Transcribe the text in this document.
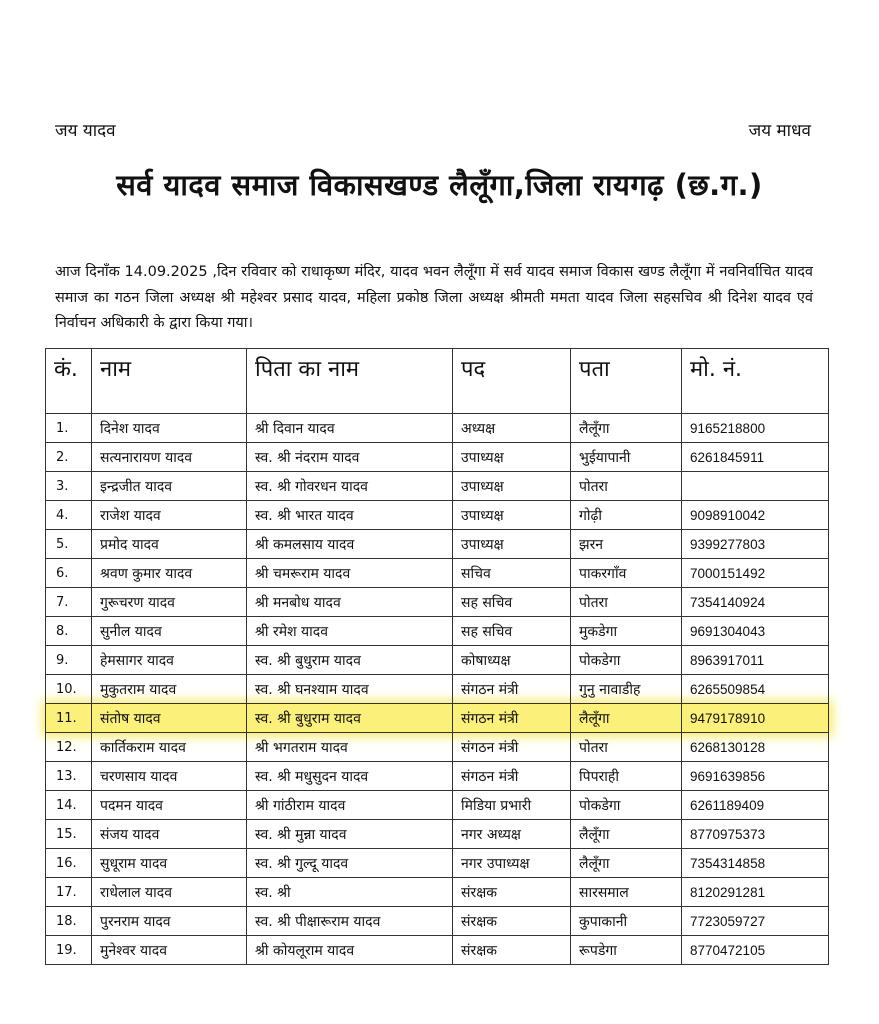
जय यादव	जय माधव
सर्व यादव समाज विकासखण्ड लैलूँगा,जिला रायगढ़ (छ.ग.)
आज दिनाँक 14.09.2025 ,दिन रविवार को राधाकृष्ण मंदिर, यादव भवन लैलूँगा में सर्व यादव समाज विकास खण्ड लैलूँगा में नवनिर्वाचित यादव समाज का गठन जिला अध्यक्ष श्री महेश्वर प्रसाद यादव, महिला प्रकोष्ठ जिला अध्यक्ष श्रीमती ममता यादव जिला सहसचिव श्री दिनेश यादव एवं निर्वाचन अधिकारी के द्वारा किया गया।
कं.	नाम	पिता का नाम	पद	पता	मो. नं.
1.	दिनेश यादव	श्री दिवान यादव	अध्यक्ष	लैलूँगा	9165218800
2.	सत्यनारायण यादव	स्व. श्री नंदराम यादव	उपाध्यक्ष	भुईयापानी	6261845911
3.	इन्द्रजीत यादव	स्व. श्री गोवरधन यादव	उपाध्यक्ष	पोतरा	
4.	राजेश यादव	स्व. श्री भारत यादव	उपाध्यक्ष	गोढ़ी	9098910042
5.	प्रमोद यादव	श्री कमलसाय यादव	उपाध्यक्ष	झरन	9399277803
6.	श्रवण कुमार यादव	श्री चमरूराम यादव	सचिव	पाकरगाँव	7000151492
7.	गुरूचरण यादव	श्री मनबोध यादव	सह सचिव	पोतरा	7354140924
8.	सुनील यादव	श्री रमेश यादव	सह सचिव	मुकडेगा	9691304043
9.	हेमसागर यादव	स्व. श्री बुधुराम यादव	कोषाध्यक्ष	पोकडेगा	8963917011
10.	मुकुतराम यादव	स्व. श्री घनश्याम यादव	संगठन मंत्री	गुनु नावाडीह	6265509854
11.	संतोष यादव	स्व. श्री बुधुराम यादव	संगठन मंत्री	लैलूँगा	9479178910
12.	कार्तिकराम यादव	श्री भगतराम यादव	संगठन मंत्री	पोतरा	6268130128
13.	चरणसाय यादव	स्व. श्री मधुसुदन यादव	संगठन मंत्री	पिपराही	9691639856
14.	पदमन यादव	श्री गांठीराम यादव	मिडिया प्रभारी	पोकडेगा	6261189409
15.	संजय यादव	स्व. श्री मुन्ना यादव	नगर अध्यक्ष	लैलूँगा	8770975373
16.	सुधूराम यादव	स्व. श्री गुल्दू यादव	नगर उपाध्यक्ष	लैलूँगा	7354314858
17.	राधेलाल यादव	स्व. श्री	संरक्षक	सारसमाल	8120291281
18.	पुरनराम यादव	स्व. श्री पीक्षारूराम यादव	संरक्षक	कुपाकानी	7723059727
19.	मुनेश्वर यादव	श्री कोयलूराम यादव	संरक्षक	रूपडेगा	8770472105
